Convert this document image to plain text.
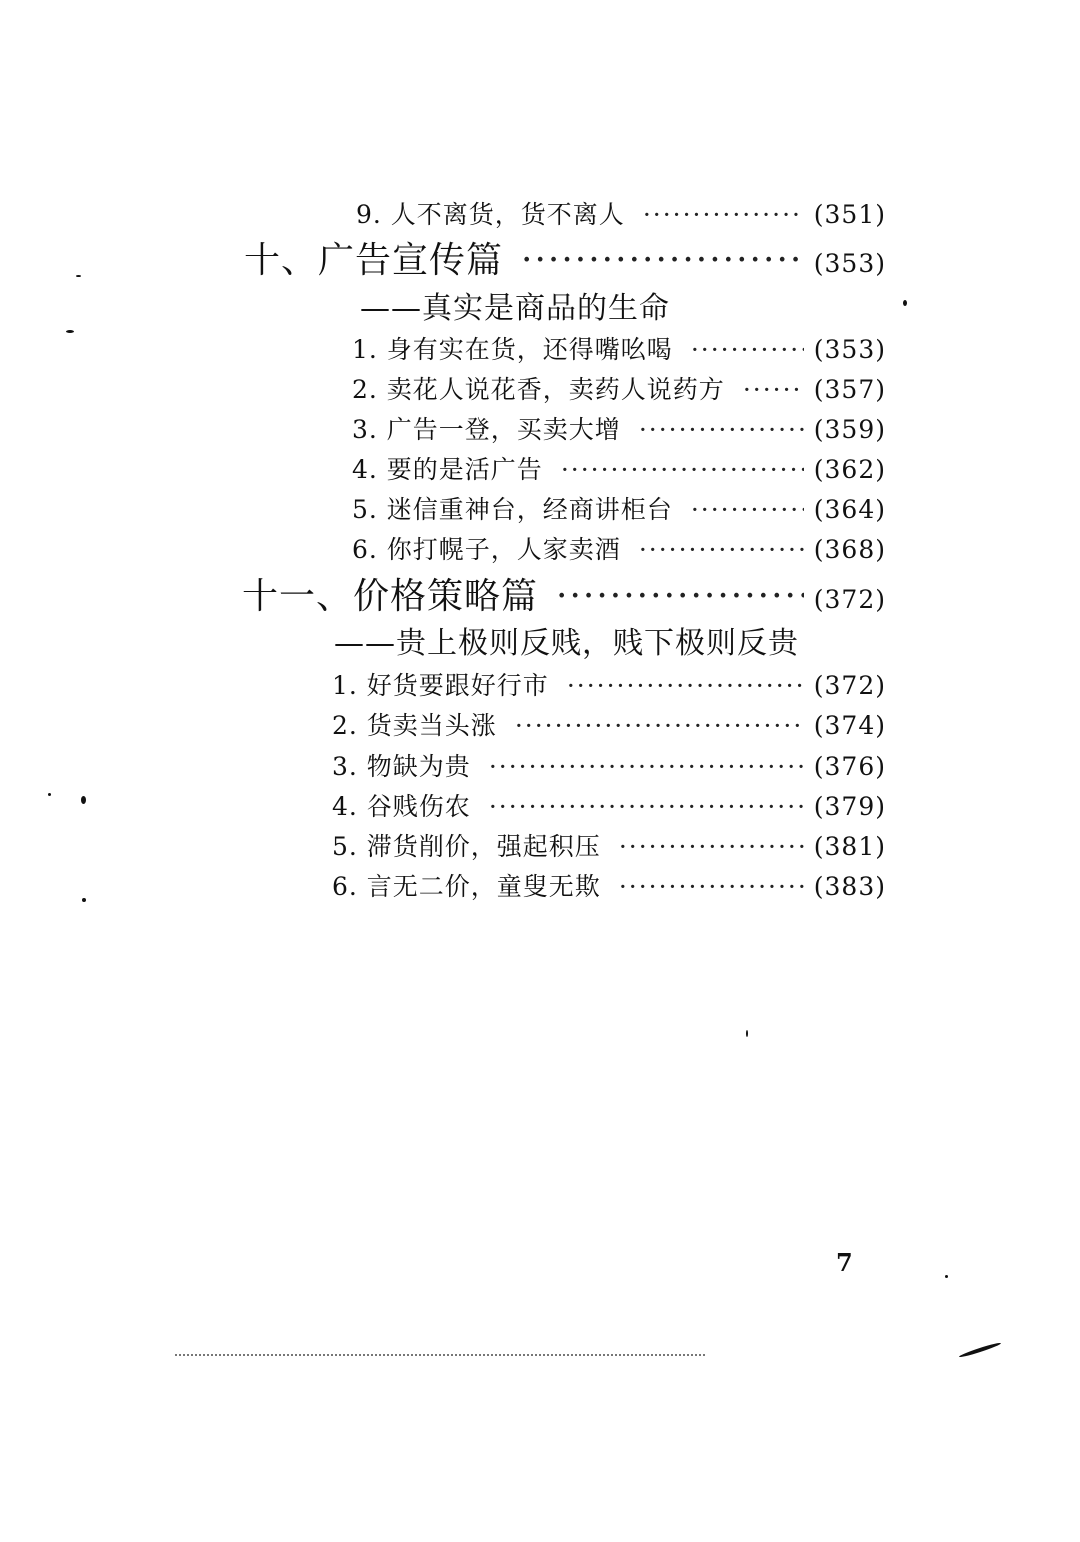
9. 人不离货，货不离人 ·····	(351)
十、广告宣传篇 ·····	(353)
——真实是商品的生命
1. 身有实在货，还得嘴吆喝 ·····	(353)
2. 卖花人说花香，卖药人说药方 ·····	(357)
3. 广告一登，买卖大增 ·····	(359)
4. 要的是活广告 ·····	(362)
5. 迷信重神台，经商讲柜台 ·····	(364)
6. 你打幌子，人家卖酒 ·····	(368)
十一、价格策略篇 ·····	(372)
——贵上极则反贱，贱下极则反贵
1. 好货要跟好行市 ·····	(372)
2. 货卖当头涨 ·····	(374)
3. 物缺为贵 ·····	(376)
4. 谷贱伤农 ·····	(379)
5. 滞货削价，强起积压 ·····	(381)
6. 言无二价，童叟无欺 ·····	(383)
7
